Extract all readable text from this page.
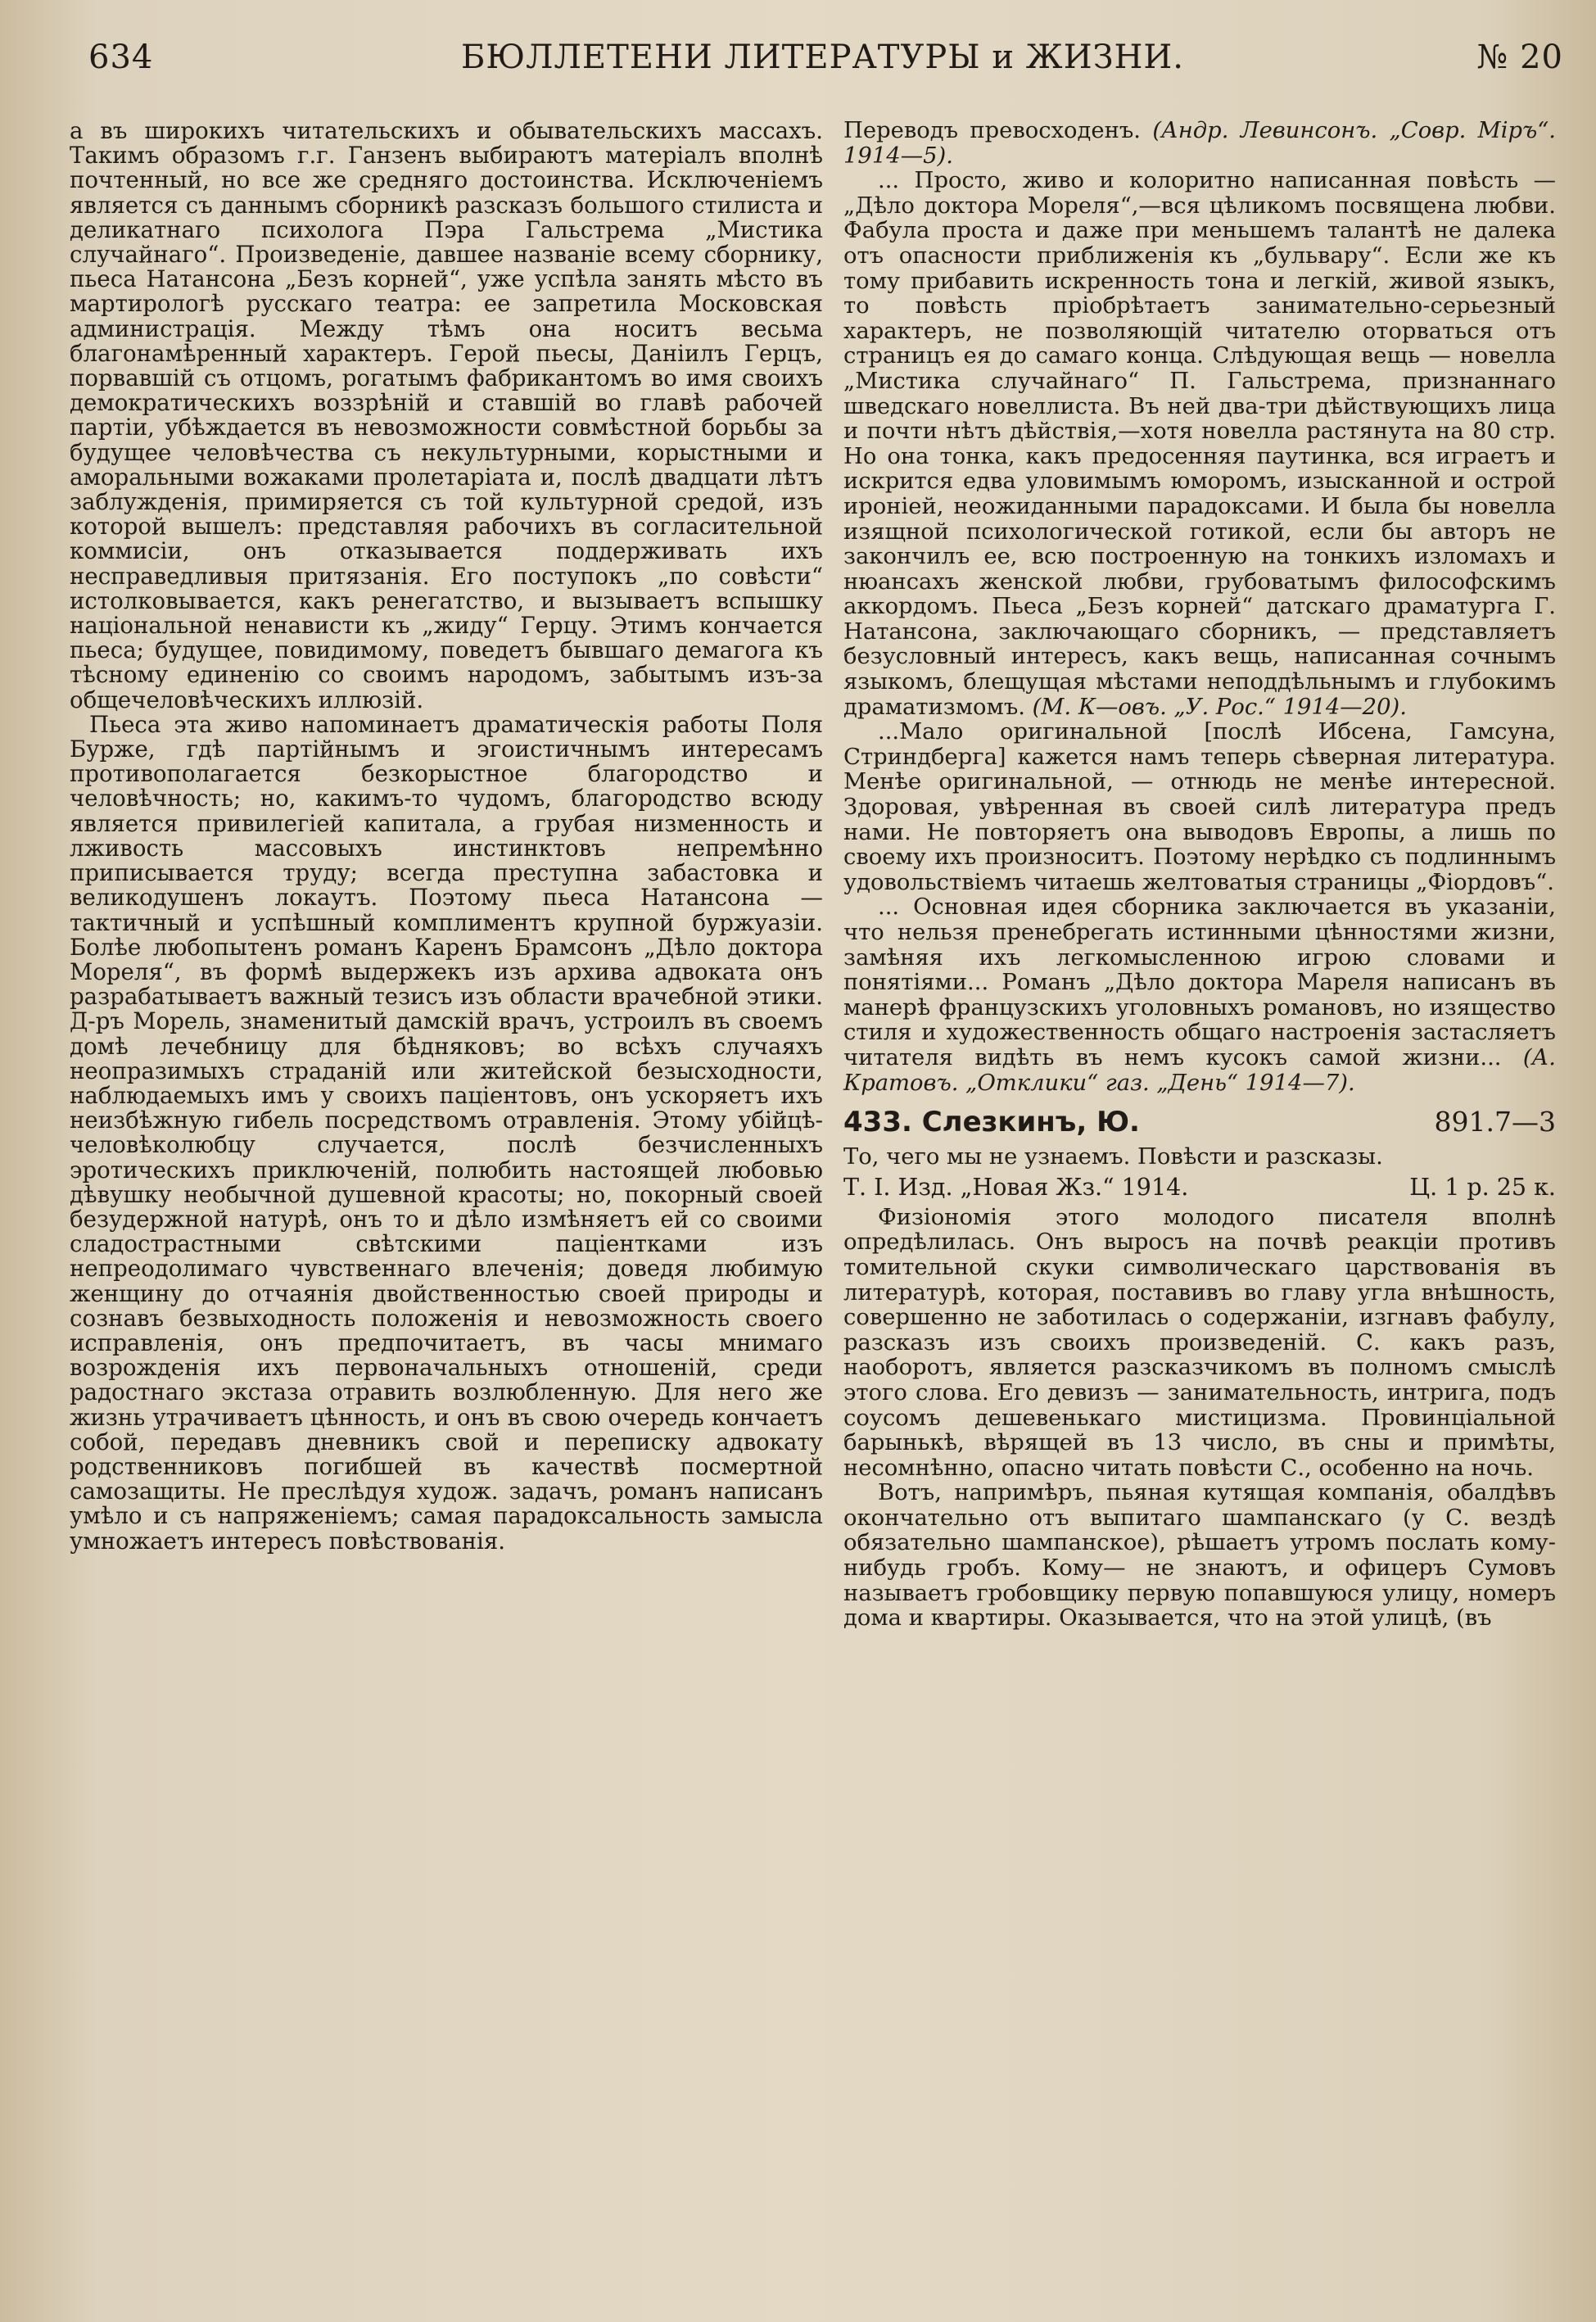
634	БЮЛЛЕТЕНИ ЛИТЕРАТУРЫ и ЖИЗНИ.	№ 20

а въ широкихъ читательскихъ и обывательскихъ массахъ. Такимъ образомъ г.г. Ганзенъ выбираютъ матеріалъ вполнѣ почтенный, но все же средняго достоинства. Исключеніемъ является съ даннымъ сборникѣ разсказъ большого стилиста и деликатнаго психолога Пэра Гальстрема „Мистика случайнаго“. Произведеніе, давшее названіе всему сборнику, пьеса Натансона „Безъ корней“, уже успѣла занять мѣсто въ мартирологѣ русскаго театра: ее запретила Московская администрація. Между тѣмъ она носитъ весьма благонамѣренный характеръ. Герой пьесы, Даніилъ Герцъ, порвавшій съ отцомъ, рогатымъ фабрикантомъ во имя своихъ демократическихъ воззрѣній и ставшій во главѣ рабочей партіи, убѣждается въ невозможности совмѣстной борьбы за будущее человѣчества съ некультурными, корыстными и аморальными вожаками пролетаріата и, послѣ двадцати лѣтъ заблужденія, примиряется съ той культурной средой, изъ которой вышелъ: представляя рабочихъ въ согласительной коммисіи, онъ отказывается поддерживать ихъ несправедливыя притязанія. Его поступокъ „по совѣсти“ истолковывается, какъ ренегатство, и вызываетъ вспышку національной ненависти къ „жиду“ Герцу. Этимъ кончается пьеса; будущее, повидимому, поведетъ бывшаго демагога къ тѣсному единенію со своимъ народомъ, забытымъ изъ-за общечеловѣческихъ иллюзій.

Пьеса эта живо напоминаетъ драматическія работы Поля Бурже, гдѣ партійнымъ и эгоистичнымъ интересамъ противополагается безкорыстное благородство и человѣчность; но, какимъ-то чудомъ, благородство всюду является привилегіей капитала, а грубая низменность и лживость массовыхъ инстинктовъ непремѣнно приписывается труду; всегда преступна забастовка и великодушенъ локаутъ. Поэтому пьеса Натансона — тактичный и успѣшный комплиментъ крупной буржуазіи. Болѣе любопытенъ романъ Каренъ Брамсонъ „Дѣло доктора Мореля“, въ формѣ выдержекъ изъ архива адвоката онъ разрабатываетъ важный тезисъ изъ области врачебной этики. Д-ръ Морель, знаменитый дамскій врачъ, устроилъ въ своемъ домѣ лечебницу для бѣдняковъ; во всѣхъ случаяхъ неопразимыхъ страданій или житейской безысходности, наблюдаемыхъ имъ у своихъ паціентовъ, онъ ускоряетъ ихъ неизбѣжную гибель посредствомъ отравленія. Этому убійцѣ-человѣколюбцу случается, послѣ безчисленныхъ эротическихъ приключеній, полюбить настоящей любовью дѣвушку необычной душевной красоты; но, покорный своей безудержной натурѣ, онъ то и дѣло измѣняетъ ей со своими сладострастными свѣтскими паціентками изъ непреодолимаго чувственнаго влеченія; доведя любимую женщину до отчаянія двойственностью своей природы и сознавъ безвыходность положенія и невозможность своего исправленія, онъ предпочитаетъ, въ часы мнимаго возрожденія ихъ первоначальныхъ отношеній, среди радостнаго экстаза отравить возлюбленную. Для него же жизнь утрачиваетъ цѣнность, и онъ въ свою очередь кончаетъ собой, передавъ дневникъ свой и переписку адвокату родственниковъ погибшей въ качествѣ посмертной самозащиты. Не преслѣдуя худож. задачъ, романъ написанъ умѣло и съ напряженіемъ; самая парадоксальность замысла умножаетъ интересъ повѣствованія.

Переводъ превосходенъ. (Андр. Левинсонъ. „Совр. Міръ“. 1914—5).

... Просто, живо и колоритно написанная повѣсть — „Дѣло доктора Мореля“,—вся цѣликомъ посвящена любви. Фабула проста и даже при меньшемъ талантѣ не далека отъ опасности приближенія къ „бульвару“. Если же къ тому прибавить искренность тона и легкій, живой языкъ, то повѣсть пріобрѣтаетъ занимательно-серьезный характеръ, не позволяющій читателю оторваться отъ страницъ ея до самаго конца. Слѣдующая вещь — новелла „Мистика случайнаго“ П. Гальстрема, признаннаго шведскаго новеллиста. Въ ней два-три дѣйствующихъ лица и почти нѣтъ дѣйствія,—хотя новелла растянута на 80 стр. Но она тонка, какъ предосенняя паутинка, вся играетъ и искрится едва уловимымъ юморомъ, изысканной и острой ироніей, неожиданными парадоксами. И была бы новелла изящной психологической готикой, если бы авторъ не закончилъ ее, всю построенную на тонкихъ изломахъ и нюансахъ женской любви, грубоватымъ философскимъ аккордомъ. Пьеса „Безъ корней“ датскаго драматурга Г. Натансона, заключающаго сборникъ, — представляетъ безусловный интересъ, какъ вещь, написанная сочнымъ языкомъ, блещущая мѣстами неподдѣльнымъ и глубокимъ драматизмомъ. (М. К—овъ. „У. Рос.“ 1914—20).

...Мало оригинальной [послѣ Ибсена, Гамсуна, Стриндберга] кажется намъ теперь сѣверная литература. Менѣе оригинальной, — отнюдь не менѣе интересной. Здоровая, увѣренная въ своей силѣ литература предъ нами. Не повторяетъ она выводовъ Европы, а лишь по своему ихъ произноситъ. Поэтому нерѣдко съ подлиннымъ удовольствіемъ читаешь желтоватыя страницы „Фіордовъ“.

... Основная идея сборника заключается въ указаніи, что нельзя пренебрегать истинными цѣнностями жизни, замѣняя ихъ легкомысленною игрою словами и понятіями... Романъ „Дѣло доктора Мареля написанъ въ манерѣ французскихъ уголовныхъ романовъ, но изящество стиля и художественность общаго настроенія застасляетъ читателя видѣть въ немъ кусокъ самой жизни... (А. Кратовъ. „Отклики“ газ. „День“ 1914—7).

433. Слезкинъ, Ю.	891.7—3

То, чего мы не узнаемъ. Повѣсти и разсказы.

Т. I. Изд. „Новая Жз.“ 1914.	Ц. 1 р. 25 к.

Физіономія этого молодого писателя вполнѣ опредѣлилась. Онъ выросъ на почвѣ реакціи противъ томительной скуки символическаго царствованія въ литературѣ, которая, поставивъ во главу угла внѣшность, совершенно не заботилась о содержаніи, изгнавъ фабулу, разсказъ изъ своихъ произведеній. С. какъ разъ, наоборотъ, является разсказчикомъ въ полномъ смыслѣ этого слова. Его девизъ — занимательность, интрига, подъ соусомъ дешевенькаго мистицизма. Провинціальной барынькѣ, вѣрящей въ 13 число, въ сны и примѣты, несомнѣнно, опасно читать повѣсти С., особенно на ночь.

Вотъ, напримѣръ, пьяная кутящая компанія, обалдѣвъ окончательно отъ выпитаго шампанскаго (у С. вездѣ обязательно шампанское), рѣшаетъ утромъ послать кому-нибудь гробъ. Кому— не знаютъ, и офицеръ Сумовъ называетъ гробовщику первую попавшуюся улицу, номеръ дома и квартиры. Оказывается, что на этой улицѣ, (въ
